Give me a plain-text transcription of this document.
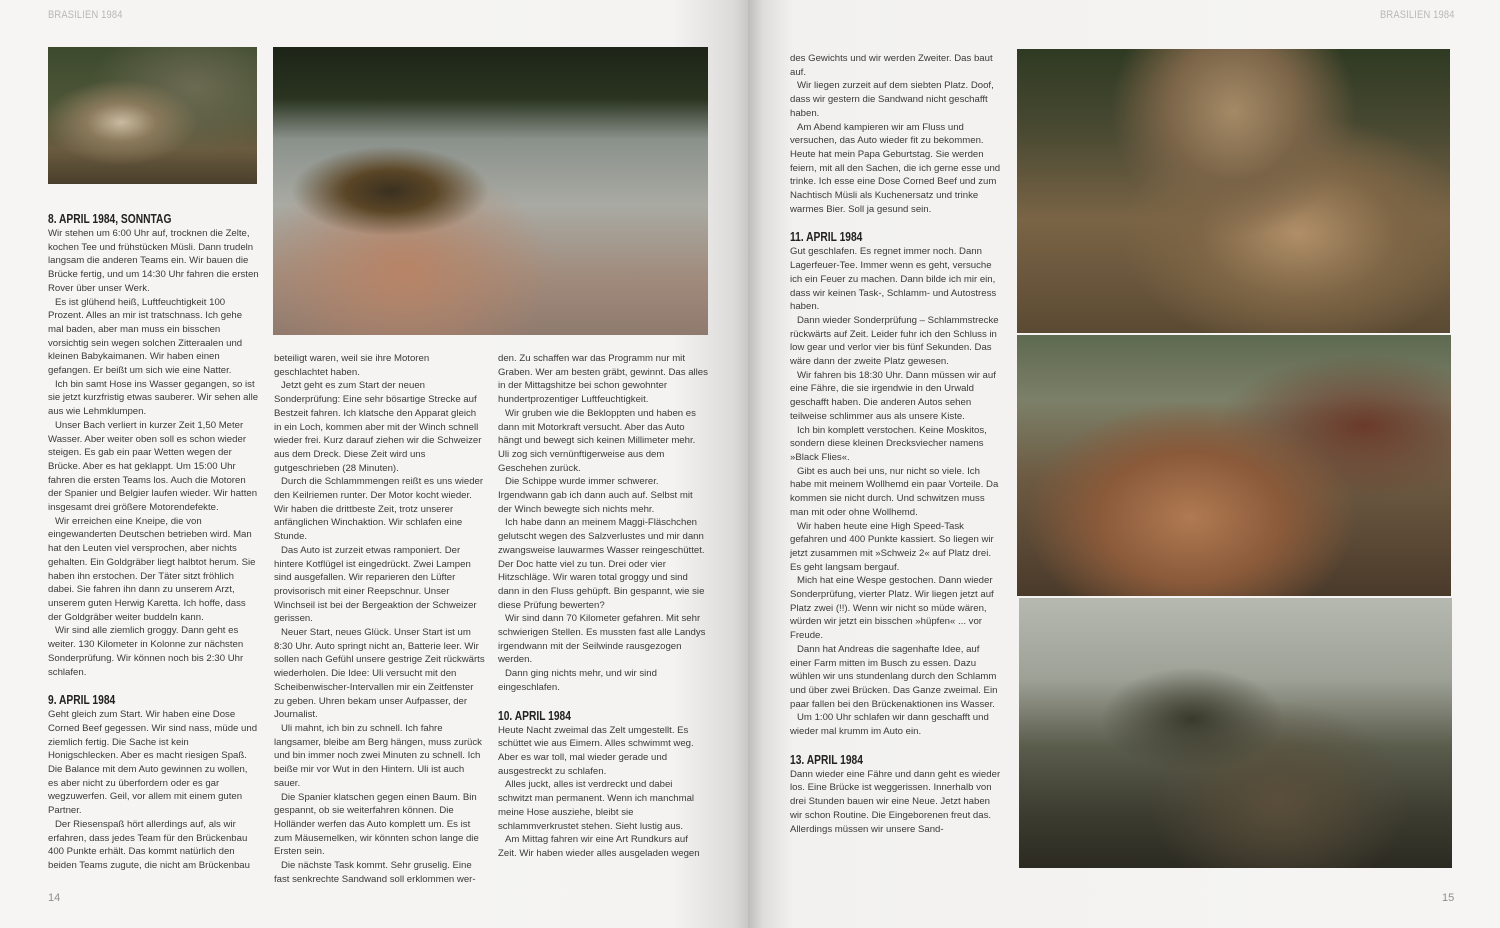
BRASILIEN 1984	BRASILIEN 1984
14	15
8. APRIL 1984, SONNTAG

Wir stehen um 6:00 Uhr auf, trocknen die Zelte, kochen Tee und frühstücken Müsli. Dann trudeln langsam die anderen Teams ein. Wir bauen die Brücke fertig, und um 14:30 Uhr fahren die ersten Rover über unser Werk.

Es ist glühend heiß, Luftfeuchtigkeit 100 Prozent. Alles an mir ist tratschnass. Ich gehe mal baden, aber man muss ein bisschen vorsichtig sein wegen solchen Zitteraalen und kleinen Babykaimanen. Wir haben einen gefangen. Er beißt um sich wie eine Natter.

Ich bin samt Hose ins Wasser gegangen, so ist sie jetzt kurzfristig etwas sauberer. Wir sehen alle aus wie Lehmklumpen.

Unser Bach verliert in kurzer Zeit 1,50 Meter Wasser. Aber weiter oben soll es schon wieder steigen. Es gab ein paar Wetten wegen der Brücke. Aber es hat geklappt. Um 15:00 Uhr fahren die ersten Teams los. Auch die Motoren der Spanier und Belgier laufen wieder. Wir hatten insgesamt drei größere Motorendefekte.

Wir erreichen eine Kneipe, die von eingewanderten Deutschen betrieben wird. Man hat den Leuten viel versprochen, aber nichts gehalten. Ein Goldgräber liegt halbtot herum. Sie haben ihn erstochen. Der Täter sitzt fröhlich dabei. Sie fahren ihn dann zu unserem Arzt, unserem guten Herwig Karetta. Ich hoffe, dass der Goldgräber weiter buddeln kann.

Wir sind alle ziemlich groggy. Dann geht es weiter. 130 Kilometer in Kolonne zur nächsten Sonderprüfung. Wir können noch bis 2:30 Uhr schlafen.

9. APRIL 1984

Geht gleich zum Start. Wir haben eine Dose Corned Beef gegessen. Wir sind nass, müde und ziemlich fertig. Die Sache ist kein Honigschlecken. Aber es macht riesigen Spaß. Die Balance mit dem Auto gewinnen zu wollen, es aber nicht zu überfordern oder es gar wegzuwerfen. Geil, vor allem mit einem guten Partner.

Der Riesenspaß hört allerdings auf, als wir erfahren, dass jedes Team für den Brückenbau 400 Punkte erhält. Das kommt natürlich den beiden Teams zugute, die nicht am Brückenbau

beteiligt waren, weil sie ihre Motoren geschlachtet haben.

Jetzt geht es zum Start der neuen Sonderprüfung: Eine sehr bösartige Strecke auf Bestzeit fahren. Ich klatsche den Apparat gleich in ein Loch, kommen aber mit der Winch schnell wieder frei. Kurz darauf ziehen wir die Schweizer aus dem Dreck. Diese Zeit wird uns gutgeschrieben (28 Minuten).

Durch die Schlammmengen reißt es uns wieder den Keilriemen runter. Der Motor kocht wieder. Wir haben die drittbeste Zeit, trotz unserer anfänglichen Winchaktion. Wir schlafen eine Stunde.

Das Auto ist zurzeit etwas ramponiert. Der hintere Kotflügel ist eingedrückt. Zwei Lampen sind ausgefallen. Wir reparieren den Lüfter provisorisch mit einer Reepschnur. Unser Winchseil ist bei der Bergeaktion der Schweizer gerissen.

Neuer Start, neues Glück. Unser Start ist um 8:30 Uhr. Auto springt nicht an, Batterie leer. Wir sollen nach Gefühl unsere gestrige Zeit rückwärts wiederholen. Die Idee: Uli versucht mit den Scheibenwischer-Intervallen mir ein Zeitfenster zu geben. Uhren bekam unser Aufpasser, der Journalist.

Uli mahnt, ich bin zu schnell. Ich fahre langsamer, bleibe am Berg hängen, muss zurück und bin immer noch zwei Minuten zu schnell. Ich beiße mir vor Wut in den Hintern. Uli ist auch sauer.

Die Spanier klatschen gegen einen Baum. Bin gespannt, ob sie weiterfahren können. Die Holländer werfen das Auto komplett um. Es ist zum Mäusemelken, wir könnten schon lange die Ersten sein.

Die nächste Task kommt. Sehr gruselig. Eine fast senkrechte Sandwand soll erklommen wer-

den. Zu schaffen war das Programm nur mit Graben. Wer am besten gräbt, gewinnt. Das alles in der Mittagshitze bei schon gewohnter hundertprozentiger Luftfeuchtigkeit.

Wir gruben wie die Bekloppten und haben es dann mit Motorkraft versucht. Aber das Auto hängt und bewegt sich keinen Millimeter mehr. Uli zog sich vernünftigerweise aus dem Geschehen zurück.

Die Schippe wurde immer schwerer. Irgendwann gab ich dann auch auf. Selbst mit der Winch bewegte sich nichts mehr.

Ich habe dann an meinem Maggi-Fläschchen gelutscht wegen des Salzverlustes und mir dann zwangsweise lauwarmes Wasser reingeschüttet. Der Doc hatte viel zu tun. Drei oder vier Hitzschläge. Wir waren total groggy und sind dann in den Fluss gehüpft. Bin gespannt, wie sie diese Prüfung bewerten?

Wir sind dann 70 Kilometer gefahren. Mit sehr schwierigen Stellen. Es mussten fast alle Landys irgendwann mit der Seilwinde rausgezogen werden.

Dann ging nichts mehr, und wir sind eingeschlafen.

10. APRIL 1984

Heute Nacht zweimal das Zelt umgestellt. Es schüttet wie aus Eimern. Alles schwimmt weg. Aber es war toll, mal wieder gerade und ausgestreckt zu schlafen.

Alles juckt, alles ist verdreckt und dabei schwitzt man permanent. Wenn ich manchmal meine Hose ausziehe, bleibt sie schlammverkrustet stehen. Sieht lustig aus.

Am Mittag fahren wir eine Art Rundkurs auf Zeit. Wir haben wieder alles ausgeladen wegen

des Gewichts und wir werden Zweiter. Das baut auf.

Wir liegen zurzeit auf dem siebten Platz. Doof, dass wir gestern die Sandwand nicht geschafft haben.

Am Abend kampieren wir am Fluss und versuchen, das Auto wieder fit zu bekommen. Heute hat mein Papa Geburtstag. Sie werden feiern, mit all den Sachen, die ich gerne esse und trinke. Ich esse eine Dose Corned Beef und zum Nachtisch Müsli als Kuchenersatz und trinke warmes Bier. Soll ja gesund sein.

11. APRIL 1984

Gut geschlafen. Es regnet immer noch. Dann Lagerfeuer-Tee. Immer wenn es geht, versuche ich ein Feuer zu machen. Dann bilde ich mir ein, dass wir keinen Task-, Schlamm- und Autostress haben.

Dann wieder Sonderprüfung – Schlammstrecke rückwärts auf Zeit. Leider fuhr ich den Schluss in low gear und verlor vier bis fünf Sekunden. Das wäre dann der zweite Platz gewesen.

Wir fahren bis 18:30 Uhr. Dann müssen wir auf eine Fähre, die sie irgendwie in den Urwald geschafft haben. Die anderen Autos sehen teilweise schlimmer aus als unsere Kiste.

Ich bin komplett verstochen. Keine Moskitos, sondern diese kleinen Drecksviecher namens »Black Flies«.

Gibt es auch bei uns, nur nicht so viele. Ich habe mit meinem Wollhemd ein paar Vorteile. Da kommen sie nicht durch. Und schwitzen muss man mit oder ohne Wollhemd.

Wir haben heute eine High Speed-Task gefahren und 400 Punkte kassiert. So liegen wir jetzt zusammen mit »Schweiz 2« auf Platz drei. Es geht langsam bergauf.

Mich hat eine Wespe gestochen. Dann wieder Sonderprüfung, vierter Platz. Wir liegen jetzt auf Platz zwei (!!). Wenn wir nicht so müde wären, würden wir jetzt ein bisschen »hüpfen« ... vor Freude.

Dann hat Andreas die sagenhafte Idee, auf einer Farm mitten im Busch zu essen. Dazu wühlen wir uns stundenlang durch den Schlamm und über zwei Brücken. Das Ganze zweimal. Ein paar fallen bei den Brückenaktionen ins Wasser.

Um 1:00 Uhr schlafen wir dann geschafft und wieder mal krumm im Auto ein.

13. APRIL 1984

Dann wieder eine Fähre und dann geht es wieder los. Eine Brücke ist weggerissen. Innerhalb von drei Stunden bauen wir eine Neue. Jetzt haben wir schon Routine. Die Eingeborenen freut das. Allerdings müssen wir unsere Sand-
